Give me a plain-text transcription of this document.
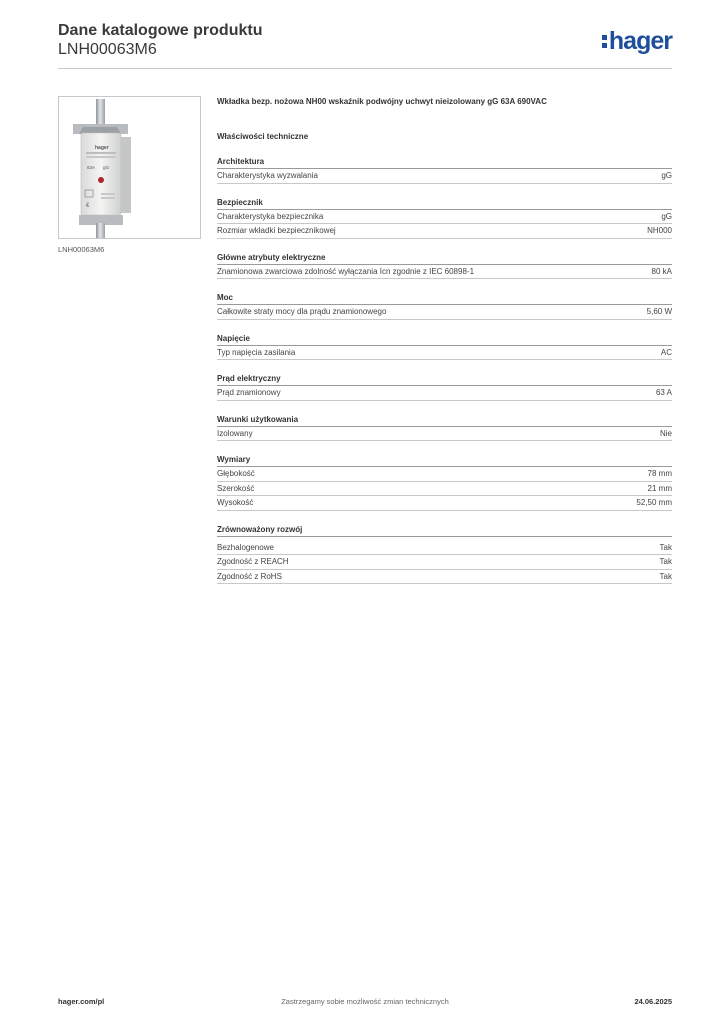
Dane katalogowe produktu
LNH00063M6	hager
hager
63A gG
€
LNH00063M6
Wkładka bezp. nożowa NH00 wskaźnik podwójny uchwyt nieizolowany gG 63A 690VAC
Właściwości techniczne
Architektura
Charakterystyka wyzwalania	gG
Bezpiecznik
Charakterystyka bezpiecznika	gG
Rozmiar wkładki bezpiecznikowej	NH000
Główne atrybuty elektryczne
Znamionowa zwarciowa zdolność wyłączania Icn zgodnie z IEC 60898-1	80 kA
Moc
Całkowite straty mocy dla prądu znamionowego	5,60 W
Napięcie
Typ napięcia zasilania	AC
Prąd elektryczny
Prąd znamionowy	63 A
Warunki użytkowania
Izolowany	Nie
Wymiary
Głębokość	78 mm
Szerokość	21 mm
Wysokość	52,50 mm
Zrównoważony rozwój
Bezhalogenowe	Tak
Zgodność z REACH	Tak
Zgodność z RoHS	Tak
hager.com/pl	Zastrzegamy sobie możliwość zmian technicznych	24.06.2025
